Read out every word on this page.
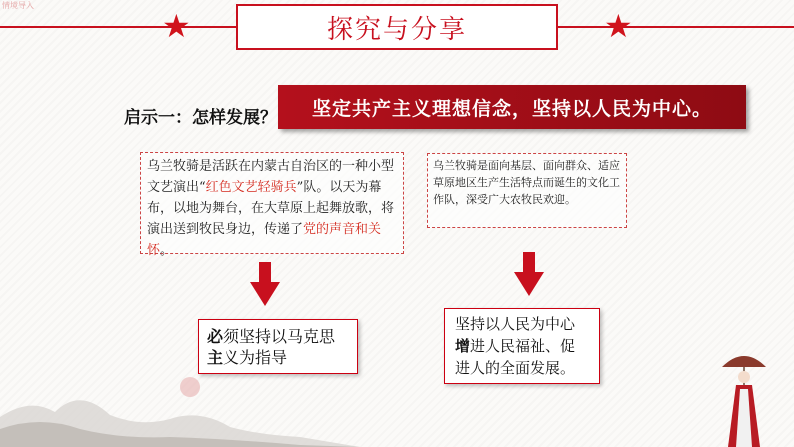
情境导入
★	★
探究与分享
启示一：怎样发展？ 坚定共产主义理想信念，坚持以人民为中心。
乌兰牧骑是活跃在内蒙古自治区的一种小型文艺演出“红色文艺轻骑兵”队。以天为幕布，以地为舞台，在大草原上起舞放歌，将演出送到牧民身边，传递了党的声音和关怀。
乌兰牧骑是面向基层、面向群众、适应草原地区生产生活特点而诞生的文化工作队，深受广大农牧民欢迎。
必须坚持以马克思
主义为指导
坚持以人民为中心
增进人民福祉、促
进人的全面发展。
